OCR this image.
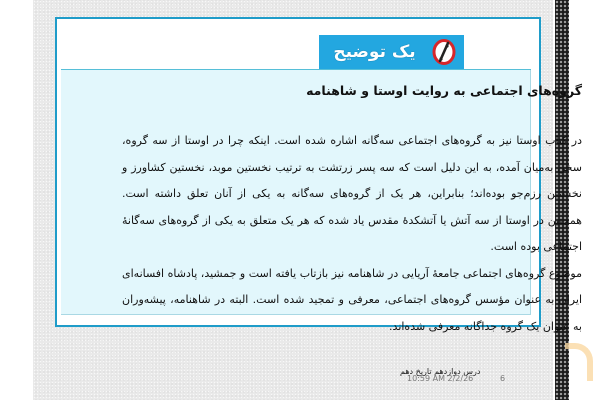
یک توضیح
گروه‌های اجتماعی به روایت اوستا و شاهنامه

در کتاب اوستا نیز به گروه‌های اجتماعی سه‌گانه اشاره شده است. اینکه چرا در اوستا از سه گروه، سخن به‌میان آمده، به این دلیل است که سه پسر زرتشت به ترتیب نخستین موبد، نخستین کشاورز و نخستین رزم‌جو بوده‌اند؛ بنابراین، هر یک از گروه‌های سه‌گانه به یکی از آنان تعلق داشته است. همچنین در اوستا از سه آتش یا آتشکدهٔ مقدس یاد شده که هر یک متعلق به یکی از گروه‌های سه‌گانهٔ اجتماعی بوده است.

موضوع گروه‌های اجتماعی جامعهٔ آریایی در شاهنامه نیز بازتاب یافته است و جمشید، پادشاه افسانه‌ای ایران به عنوان مؤسس گروه‌های اجتماعی، معرفی و تمجید شده است. البته در شاهنامه، پیشه‌وران به عنوان یک گروه جداگانه معرفی شده‌اند.

درس دوازدهم تاریخ دهم
10:59 AM 2/2/26	6
